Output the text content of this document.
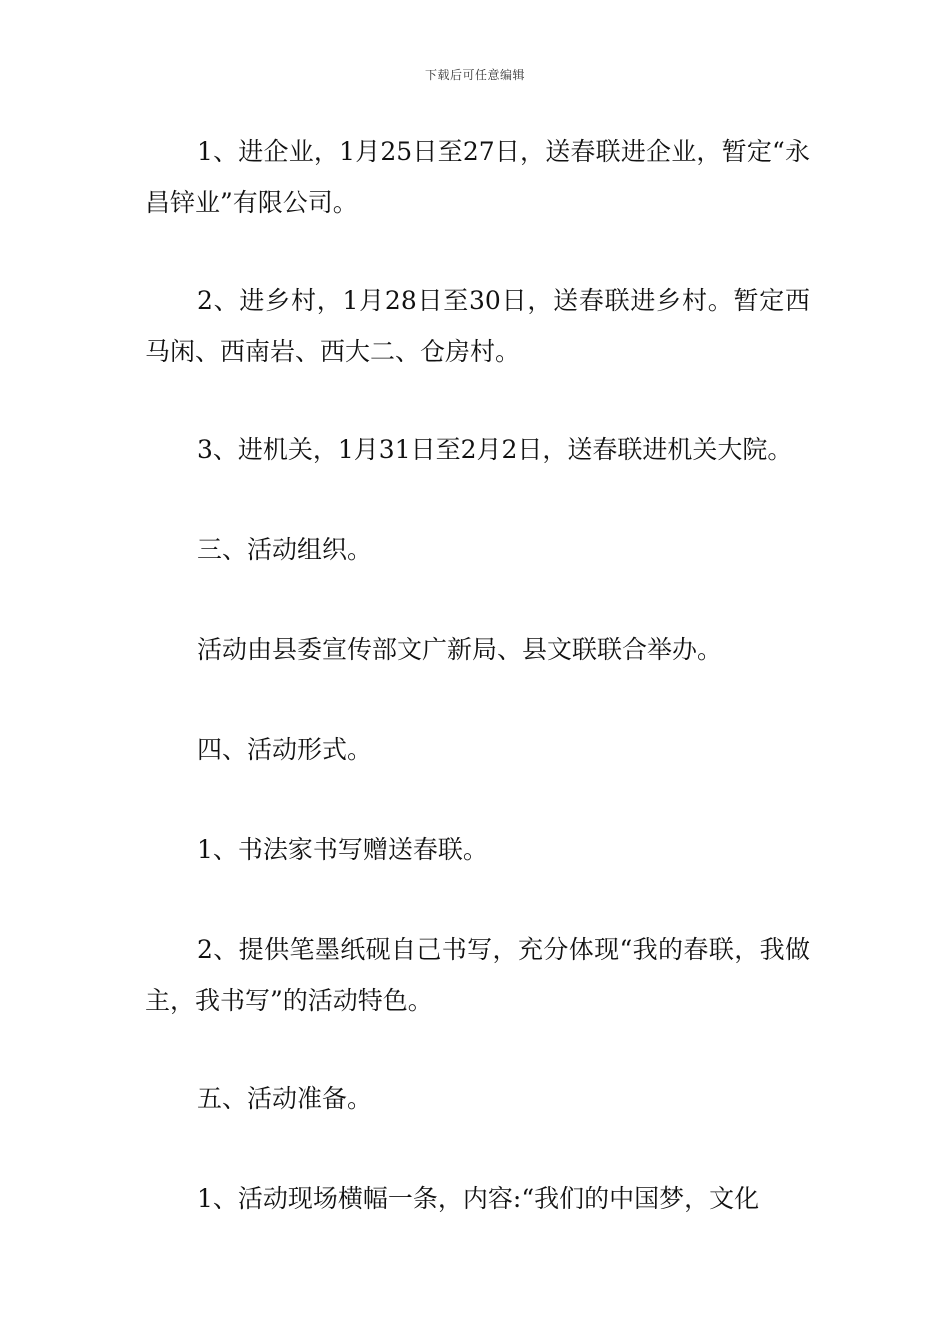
下载后可任意编辑

1、进企业，1月25日至27日，送春联进企业，暂定“永昌锌业”有限公司。

2、进乡村，1月28日至30日，送春联进乡村。暂定西马闲、西南岩、西大二、仓房村。

3、进机关，1月31日至2月2日，送春联进机关大院。

三、活动组织。

活动由县委宣传部文广新局、县文联联合举办。

四、活动形式。

1、书法家书写赠送春联。

2、提供笔墨纸砚自己书写，充分体现“我的春联，我做主，我书写”的活动特色。

五、活动准备。

1、活动现场横幅一条，内容:“我们的中国梦，文化
